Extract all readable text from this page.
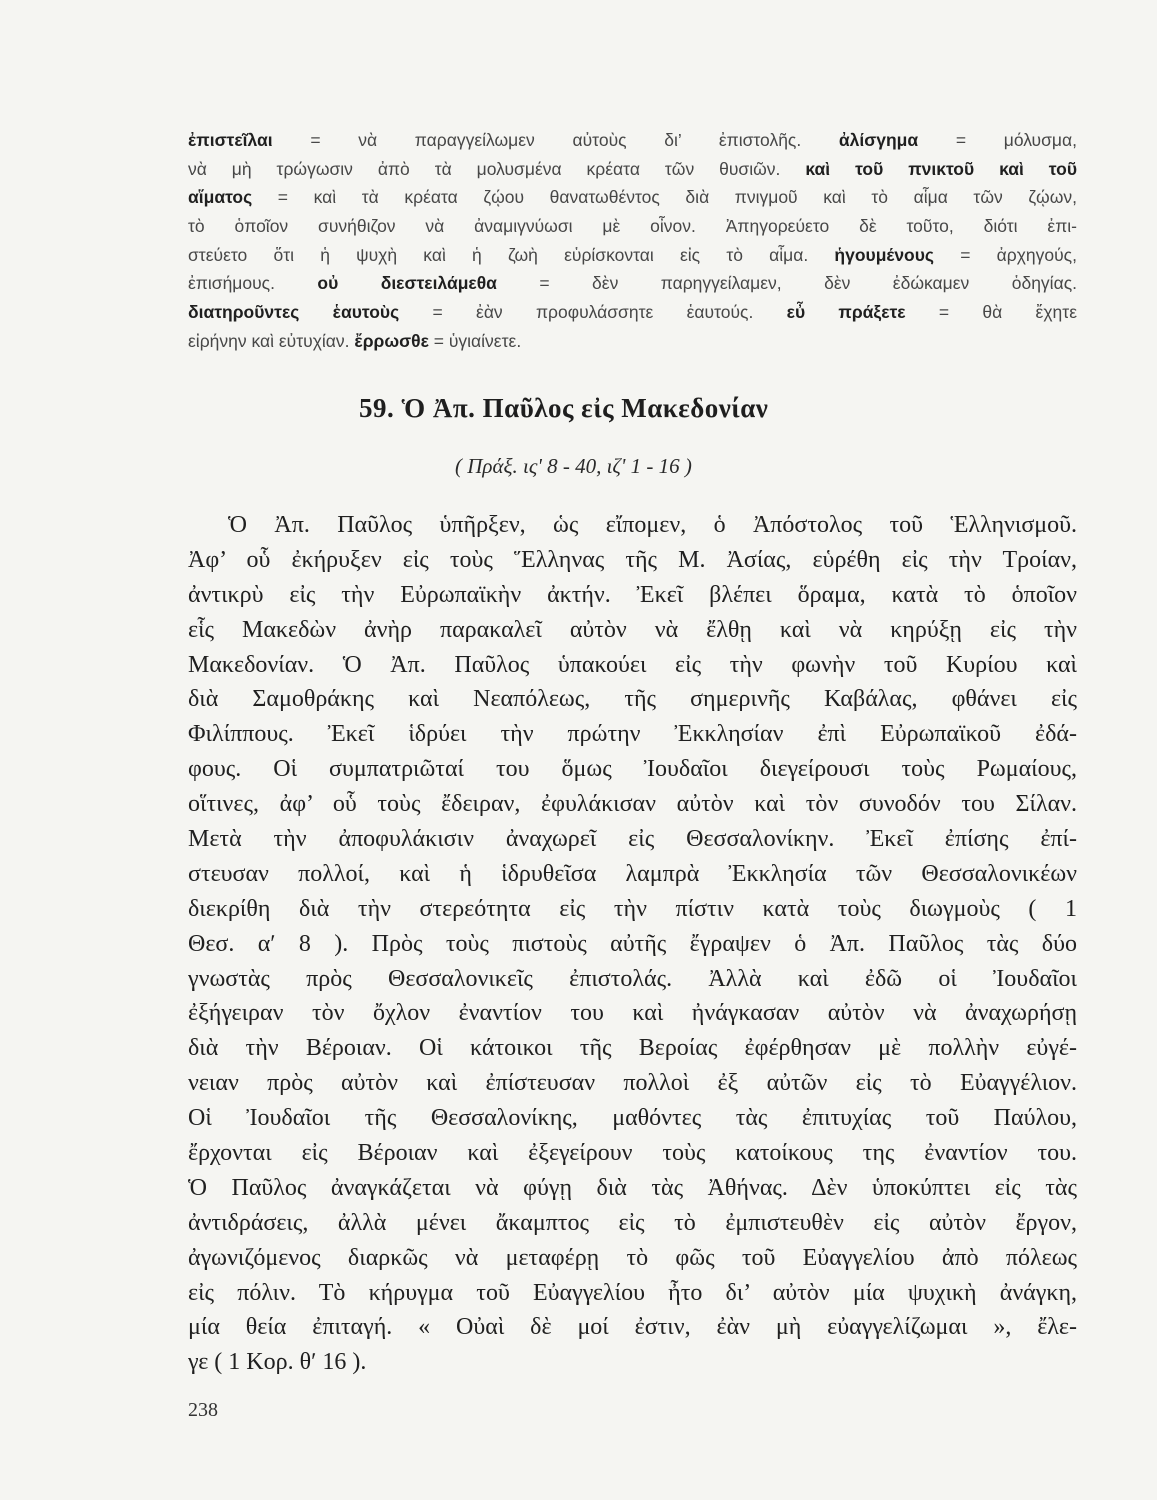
ἐπιστεῖλαι = νὰ παραγγείλωμεν αὐτοὺς δι’ ἐπιστολῆς. ἀλίσγημα = μόλυσμα,
νὰ μὴ τρώγωσιν ἀπὸ τὰ μολυσμένα κρέατα τῶν θυσιῶν. καὶ τοῦ πνικτοῦ καὶ τοῦ
αἵματος = καὶ τὰ κρέατα ζῴου θανατωθέντος διὰ πνιγμοῦ καὶ τὸ αἷμα τῶν ζῴων,
τὸ ὁποῖον συνήθιζον νὰ ἀναμιγνύωσι μὲ οἶνον. Ἀπηγορεύετο δὲ τοῦτο, διότι ἐπι-
στεύετο ὅτι ἡ ψυχὴ καὶ ἡ ζωὴ εὑρίσκονται εἰς τὸ αἷμα. ἡγουμένους = ἀρχηγούς,
ἐπισήμους. οὐ διεστειλάμεθα = δὲν παρηγγείλαμεν, δὲν ἐδώκαμεν ὁδηγίας.
διατηροῦντες ἑαυτοὺς = ἐὰν προφυλάσσητε ἑαυτούς. εὖ πράξετε = θὰ ἔχητε
εἰρήνην καὶ εὐτυχίαν. ἔρρωσθε = ὑγιαίνετε.
59. Ὁ Ἀπ. Παῦλος εἰς Μακεδονίαν
( Πράξ. ιςʹ 8 - 40, ιζʹ 1 - 16 )
Ὁ Ἀπ. Παῦλος ὑπῆρξεν, ὡς εἴπομεν, ὁ Ἀπόστολος τοῦ Ἑλληνισμοῦ.
Ἀφ’ οὗ ἐκήρυξεν εἰς τοὺς Ἕλληνας τῆς Μ. Ἀσίας, εὑρέθη εἰς τὴν Τροίαν,
ἀντικρὺ εἰς τὴν Εὐρωπαϊκὴν ἀκτήν. Ἐκεῖ βλέπει ὅραμα, κατὰ τὸ ὁποῖον
εἷς Μακεδὼν ἀνὴρ παρακαλεῖ αὐτὸν νὰ ἔλθῃ καὶ νὰ κηρύξῃ εἰς τὴν
Μακεδονίαν. Ὁ Ἀπ. Παῦλος ὑπακούει εἰς τὴν φωνὴν τοῦ Κυρίου καὶ
διὰ Σαμοθράκης καὶ Νεαπόλεως, τῆς σημερινῆς Καβάλας, φθάνει εἰς
Φιλίππους. Ἐκεῖ ἱδρύει τὴν πρώτην Ἐκκλησίαν ἐπὶ Εὐρωπαϊκοῦ ἐδά-
φους. Οἱ συμπατριῶταί του ὅμως Ἰουδαῖοι διεγείρουσι τοὺς Ρωμαίους,
οἵτινες, ἀφ’ οὗ τοὺς ἔδειραν, ἐφυλάκισαν αὐτὸν καὶ τὸν συνοδόν του Σίλαν.
Μετὰ τὴν ἀποφυλάκισιν ἀναχωρεῖ εἰς Θεσσαλονίκην. Ἐκεῖ ἐπίσης ἐπί-
στευσαν πολλοί, καὶ ἡ ἱδρυθεῖσα λαμπρὰ Ἐκκλησία τῶν Θεσσαλονικέων
διεκρίθη διὰ τὴν στερεότητα εἰς τὴν πίστιν κατὰ τοὺς διωγμοὺς ( 1
Θεσ. αʹ 8 ). Πρὸς τοὺς πιστοὺς αὐτῆς ἔγραψεν ὁ Ἀπ. Παῦλος τὰς δύο
γνωστὰς πρὸς Θεσσαλονικεῖς ἐπιστολάς. Ἀλλὰ καὶ ἐδῶ οἱ Ἰουδαῖοι
ἐξήγειραν τὸν ὄχλον ἐναντίον του καὶ ἠνάγκασαν αὐτὸν νὰ ἀναχωρήσῃ
διὰ τὴν Βέροιαν. Οἱ κάτοικοι τῆς Βεροίας ἐφέρθησαν μὲ πολλὴν εὐγέ-
νειαν πρὸς αὐτὸν καὶ ἐπίστευσαν πολλοὶ ἐξ αὐτῶν εἰς τὸ Εὐαγγέλιον.
Οἱ Ἰουδαῖοι τῆς Θεσσαλονίκης, μαθόντες τὰς ἐπιτυχίας τοῦ Παύλου,
ἔρχονται εἰς Βέροιαν καὶ ἐξεγείρουν τοὺς κατοίκους της ἐναντίον του.
Ὁ Παῦλος ἀναγκάζεται νὰ φύγῃ διὰ τὰς Ἀθήνας. Δὲν ὑποκύπτει εἰς τὰς
ἀντιδράσεις, ἀλλὰ μένει ἄκαμπτος εἰς τὸ ἐμπιστευθὲν εἰς αὐτὸν ἔργον,
ἀγωνιζόμενος διαρκῶς νὰ μεταφέρῃ τὸ φῶς τοῦ Εὐαγγελίου ἀπὸ πόλεως
εἰς πόλιν. Τὸ κήρυγμα τοῦ Εὐαγγελίου ἦτο δι’ αὐτὸν μία ψυχικὴ ἀνάγκη,
μία θεία ἐπιταγή. « Οὐαὶ δὲ μοί ἐστιν, ἐὰν μὴ εὐαγγελίζωμαι », ἔλε-
γε ( 1 Κορ. θʹ 16 ).
238
